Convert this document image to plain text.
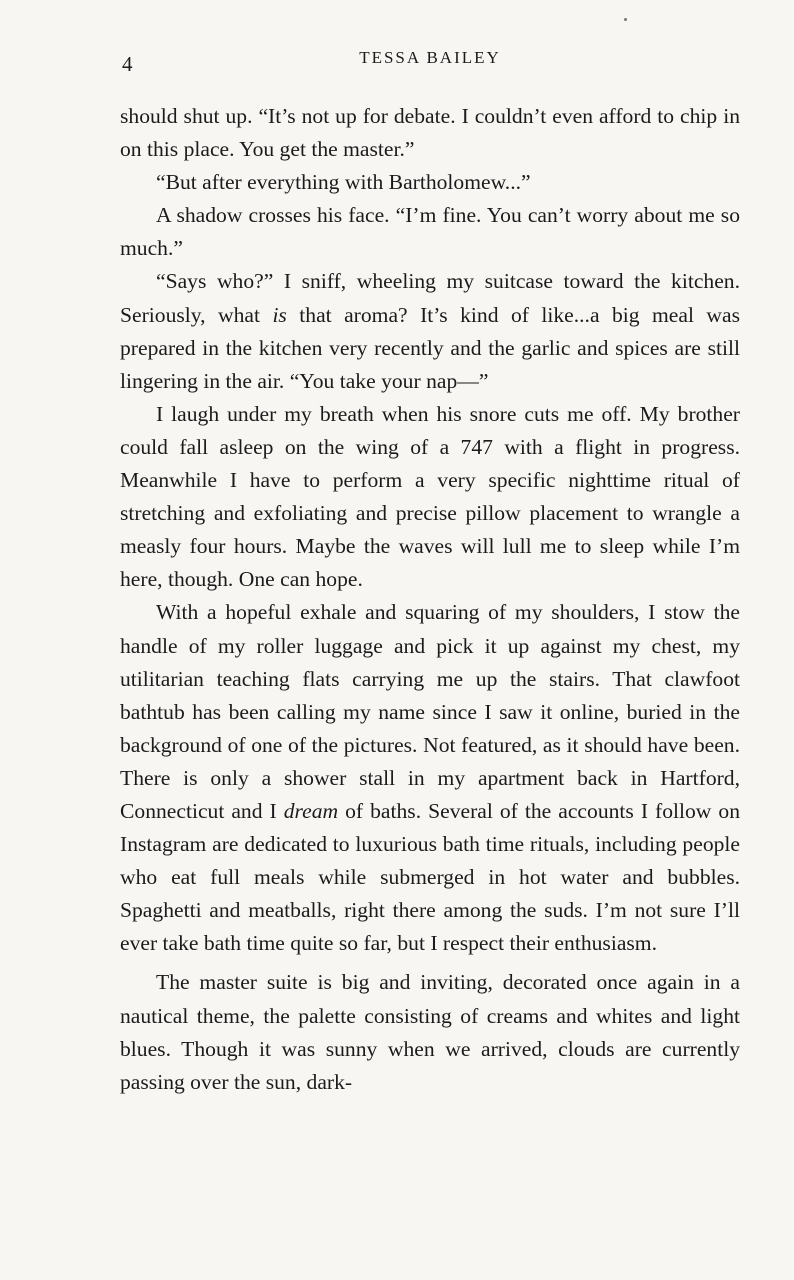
4	TESSA BAILEY

should shut up. “It’s not up for debate. I couldn’t even afford to chip in on this place. You get the master.”

“But after everything with Bartholomew...”

A shadow crosses his face. “I’m fine. You can’t worry about me so much.”

“Says who?” I sniff, wheeling my suitcase toward the kitchen. Seriously, what is that aroma? It’s kind of like...a big meal was prepared in the kitchen very recently and the garlic and spices are still lingering in the air. “You take your nap—”

I laugh under my breath when his snore cuts me off. My brother could fall asleep on the wing of a 747 with a flight in progress. Meanwhile I have to perform a very specific nighttime ritual of stretching and exfoliating and precise pillow placement to wrangle a measly four hours. Maybe the waves will lull me to sleep while I’m here, though. One can hope.

With a hopeful exhale and squaring of my shoulders, I stow the handle of my roller luggage and pick it up against my chest, my utilitarian teaching flats carrying me up the stairs. That clawfoot bathtub has been calling my name since I saw it online, buried in the background of one of the pictures. Not featured, as it should have been. There is only a shower stall in my apartment back in Hartford, Connecticut and I dream of baths. Several of the accounts I follow on Instagram are dedicated to luxurious bath time rituals, including people who eat full meals while submerged in hot water and bubbles. Spaghetti and meatballs, right there among the suds. I’m not sure I’ll ever take bath time quite so far, but I respect their enthusiasm.

The master suite is big and inviting, decorated once again in a nautical theme, the palette consisting of creams and whites and light blues. Though it was sunny when we arrived, clouds are currently passing over the sun, dark-
